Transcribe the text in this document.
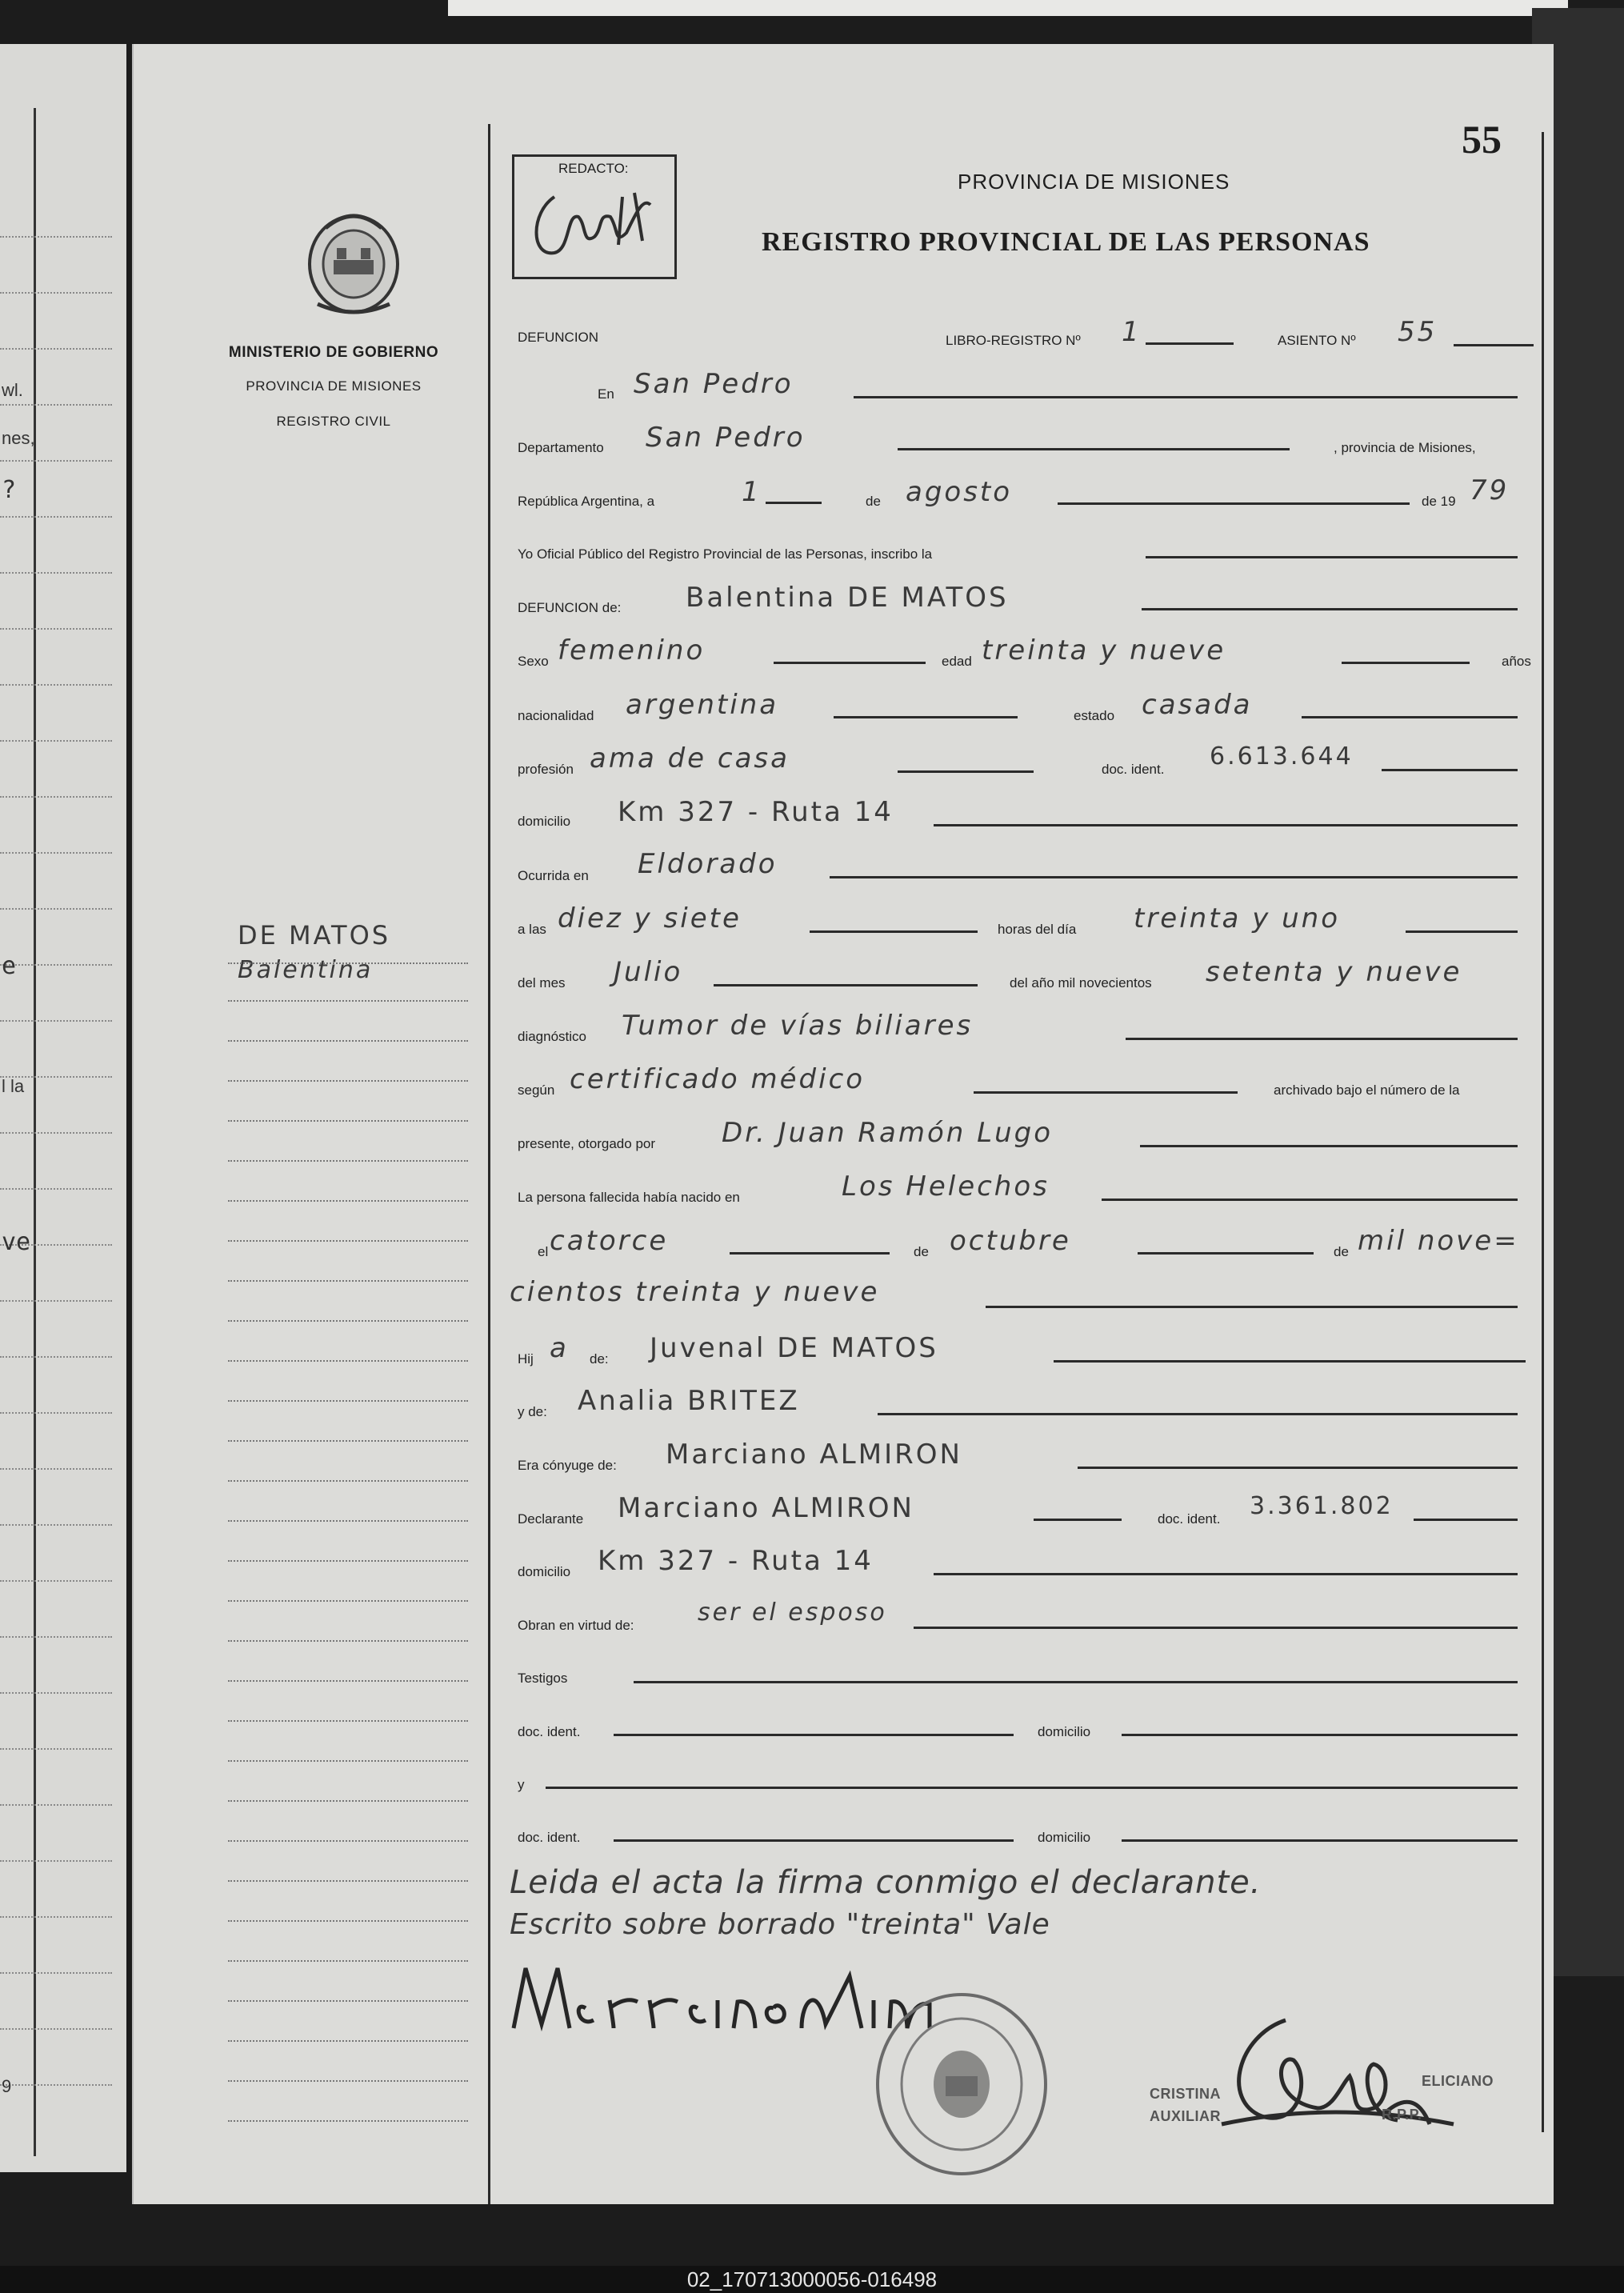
wl.
nes,
?
e
l la
ve
9
55
MINISTERIO DE GOBIERNO
PROVINCIA DE MISIONES
REGISTRO CIVIL
DE MATOS
Balentina
REDACTO:
PROVINCIA DE MISIONES
REGISTRO PROVINCIAL DE LAS PERSONAS
DEFUNCION	LIBRO-REGISTRO Nº 1	ASIENTO Nº 55
En San Pedro
Departamento San Pedro	, provincia de Misiones,
República Argentina, a	1	de agosto	de 19 79
Yo Oficial Público del Registro Provincial de las Personas, inscribo la
DEFUNCION de: Balentina DE MATOS
Sexo femenino	edad treinta y nueve	años
nacionalidad argentina	estado casada
profesión ama de casa	doc. ident. 6.613.644
domicilio Km 327 - Ruta 14
Ocurrida en Eldorado
a las diez y siete	horas del día treinta y uno
del mes Julio	del año mil novecientos setenta y nueve
diagnóstico Tumor de vías biliares
según certificado médico	archivado bajo el número de la
presente, otorgado por Dr. Juan Ramón Lugo
La persona fallecida había nacido en	Los Helechos
el catorce	de octubre	de mil nove=
cientos treinta y nueve
Hij a de: Juvenal DE MATOS
y de: Analia BRITEZ
Era cónyuge de: Marciano ALMIRON
Declarante Marciano ALMIRON	doc. ident. 3.361.802
domicilio Km 327 - Ruta 14
Obran en virtud de:	ser el esposo
Testigos
doc. ident.	domicilio
y
doc. ident.	domicilio
Leida el acta la firma conmigo el declarante.
Escrito sobre borrado "treinta" Vale
CRISTINA
ELICIANO
AUXILIAR	R.P.P.
02_170713000056-016498
